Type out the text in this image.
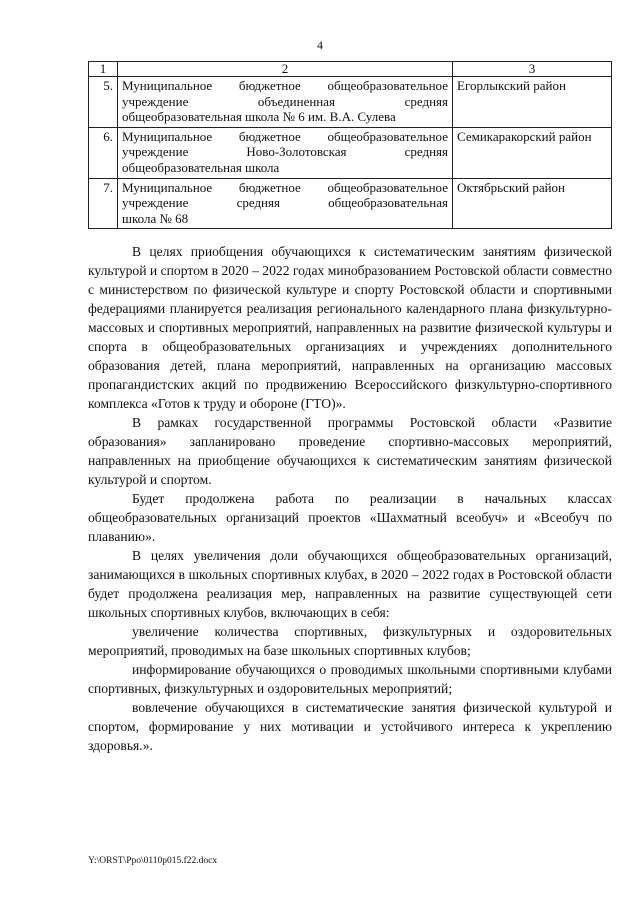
4
1	2	3
5.	Муниципальное бюджетное общеобразовательное
учреждение объединенная средняя
общеобразовательная школа № 6 им. В.А. Сулева	Егорлыкский район
6.	Муниципальное бюджетное общеобразовательное
учреждение Ново-Золотовская средняя
общеобразовательная школа	Семикаракорский район
7.	Муниципальное бюджетное общеобразовательное
учреждение средняя общеобразовательная
школа № 68	Октябрьский район

В целях приобщения обучающихся к систематическим занятиям физической культурой и спортом в 2020 – 2022 годах минобразованием Ростовской области совместно с министерством по физической культуре и спорту Ростовской области и спортивными федерациями планируется реализация регионального календарного плана физкультурно-массовых и спортивных мероприятий, направленных на развитие физической культуры и спорта в общеобразовательных организациях и учреждениях дополнительного образования детей, плана мероприятий, направленных на организацию массовых пропагандистских акций по продвижению Всероссийского физкультурно-спортивного комплекса «Готов к труду и обороне (ГТО)».

В рамках государственной программы Ростовской области «Развитие образования» запланировано проведение спортивно-массовых мероприятий, направленных на приобщение обучающихся к систематическим занятиям физической культурой и спортом.

Будет продолжена работа по реализации в начальных классах общеобразовательных организаций проектов «Шахматный всеобуч» и «Всеобуч по плаванию».

В целях увеличения доли обучающихся общеобразовательных организаций, занимающихся в школьных спортивных клубах, в 2020 – 2022 годах в Ростовской области будет продолжена реализация мер, направленных на развитие существующей сети школьных спортивных клубов, включающих в себя:

увеличение количества спортивных, физкультурных и оздоровительных мероприятий, проводимых на базе школьных спортивных клубов;

информирование обучающихся о проводимых школьными спортивными клубами спортивных, физкультурных и оздоровительных мероприятий;

вовлечение обучающихся в систематические занятия физической культурой и спортом, формирование у них мотивации и устойчивого интереса к укреплению здоровья.».

Y:\ORST\Ppo\0110p015.f22.docx
